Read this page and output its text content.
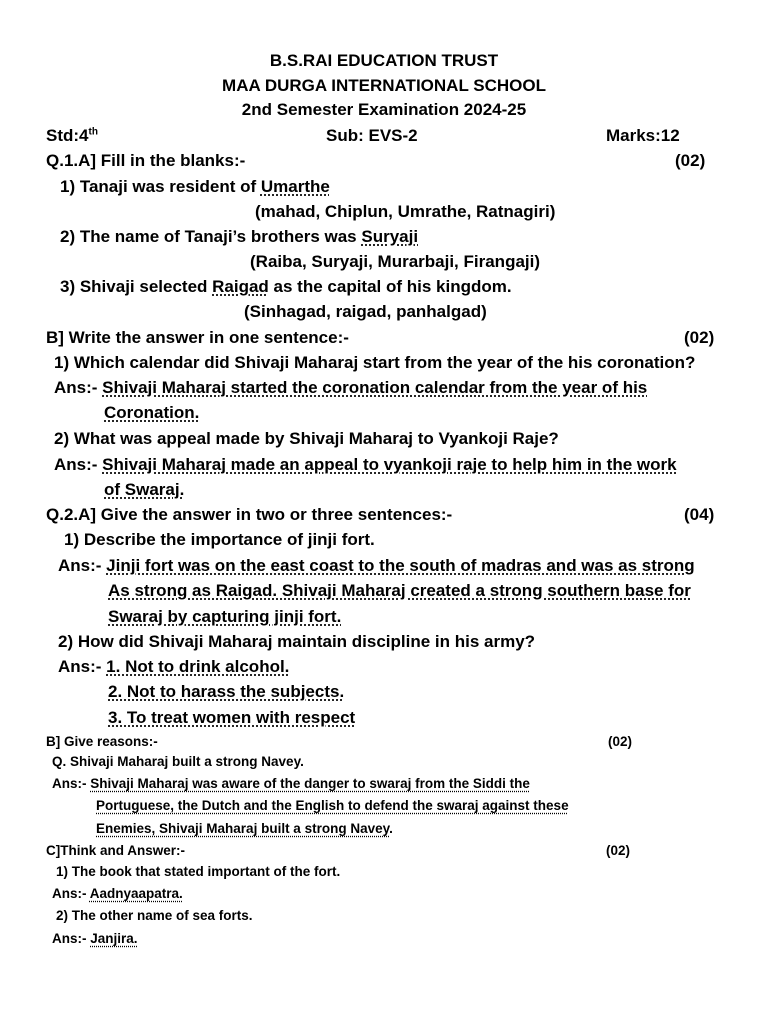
B.S.RAI EDUCATION TRUST
MAA DURGA INTERNATIONAL SCHOOL
2nd Semester Examination 2024-25
Std:4th	Sub: EVS-2	Marks:12
Q.1.A] Fill in the blanks:-	(02)
1) Tanaji was resident of Umarthe
(mahad, Chiplun, Umrathe, Ratnagiri)
2) The name of Tanaji’s brothers was Suryaji
(Raiba, Suryaji, Murarbaji, Firangaji)
3) Shivaji selected Raigad as the capital of his kingdom.
(Sinhagad, raigad, panhalgad)
B] Write the answer in one sentence:-	(02)
1) Which calendar did Shivaji Maharaj start from the year of the his coronation?
Ans:- Shivaji Maharaj started the coronation calendar from the year of his
Coronation.
2) What was appeal made by Shivaji Maharaj to Vyankoji Raje?
Ans:- Shivaji Maharaj made an appeal to vyankoji raje to help him in the work
of Swaraj.
Q.2.A] Give the answer in two or three sentences:-	(04)
1) Describe the importance of jinji fort.
Ans:- Jinji fort was on the east coast to the south of madras and was as strong
As strong as Raigad. Shivaji Maharaj created a strong southern base for
Swaraj by capturing jinji fort.
2) How did Shivaji Maharaj maintain discipline in his army?
Ans:- 1. Not to drink alcohol.
2. Not to harass the subjects.
3. To treat women with respect
B] Give reasons:-	(02)
Q. Shivaji Maharaj built a strong Navey.
Ans:- Shivaji Maharaj was aware of the danger to swaraj from the Siddi the
Portuguese, the Dutch and the English to defend the swaraj against these
Enemies, Shivaji Maharaj built a strong Navey.
C]Think and Answer:-	(02)
1) The book that stated important of the fort.
Ans:- Aadnyaapatra.
2) The other name of sea forts.
Ans:- Janjira.
